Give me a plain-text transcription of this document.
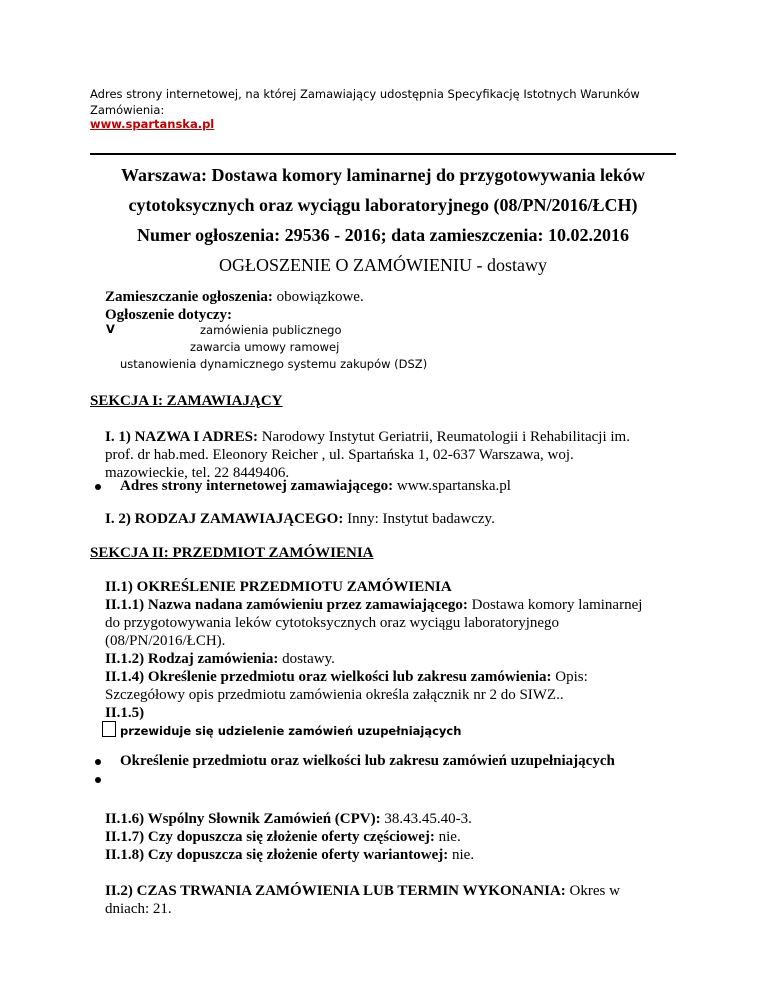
Adres strony internetowej, na której Zamawiający udostępnia Specyfikację Istotnych Warunków Zamówienia:
www.spartanska.pl
Warszawa: Dostawa komory laminarnej do przygotowywania leków
cytotoksycznych oraz wyciągu laboratoryjnego (08/PN/2016/ŁCH)
Numer ogłoszenia: 29536 - 2016; data zamieszczenia: 10.02.2016
OGŁOSZENIE O ZAMÓWIENIU - dostawy
Zamieszczanie ogłoszenia: obowiązkowe.
Ogłoszenie dotyczy:
V	zamówienia publicznego
zawarcia umowy ramowej
ustanowienia dynamicznego systemu zakupów (DSZ)
SEKCJA I: ZAMAWIAJĄCY
I. 1) NAZWA I ADRES: Narodowy Instytut Geriatrii, Reumatologii i Rehabilitacji im.
prof. dr hab.med. Eleonory Reicher , ul. Spartańska 1, 02-637 Warszawa, woj.
mazowieckie, tel. 22 8449406.
Adres strony internetowej zamawiającego: www.spartanska.pl
I. 2) RODZAJ ZAMAWIAJĄCEGO: Inny: Instytut badawczy.
SEKCJA II: PRZEDMIOT ZAMÓWIENIA
II.1) OKREŚLENIE PRZEDMIOTU ZAMÓWIENIA
II.1.1) Nazwa nadana zamówieniu przez zamawiającego: Dostawa komory laminarnej
do przygotowywania leków cytotoksycznych oraz wyciągu laboratoryjnego
(08/PN/2016/ŁCH).
II.1.2) Rodzaj zamówienia: dostawy.
II.1.4) Określenie przedmiotu oraz wielkości lub zakresu zamówienia: Opis:
Szczegółowy opis przedmiotu zamówienia określa załącznik nr 2 do SIWZ..
II.1.5)
przewiduje się udzielenie zamówień uzupełniających
Określenie przedmiotu oraz wielkości lub zakresu zamówień uzupełniających
II.1.6) Wspólny Słownik Zamówień (CPV): 38.43.45.40-3.
II.1.7) Czy dopuszcza się złożenie oferty częściowej: nie.
II.1.8) Czy dopuszcza się złożenie oferty wariantowej: nie.
II.2) CZAS TRWANIA ZAMÓWIENIA LUB TERMIN WYKONANIA: Okres w
dniach: 21.
